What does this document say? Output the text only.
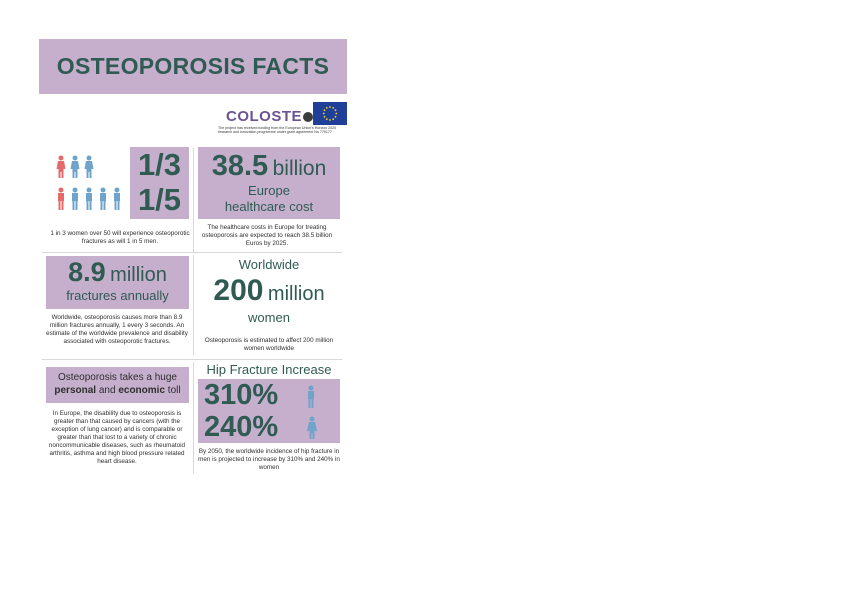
OSTEOPOROSIS FACTS
COLOSTE
The project has received funding from the European Union's Horizon 2020 research and innovation programme under grant agreement No 779177
1/3
1/5
1 in 3 women over 50 will experience osteoporotic fractures as will 1 in 5 men.
38.5 billion
Europe healthcare cost
The healthcare costs in Europe for treating osteoporosis are expected to reach 38.5 billion Euros by 2025.
8.9 million
fractures annually
Worldwide, osteoporosis causes more than 8.9 million fractures annually, 1 every 3 seconds. An estimate of the worldwide prevalence and disability associated with osteoporotic fractures.
Worldwide
200 million
women
Osteoporosis is estimated to affect 200 million women worldwide
Osteoporosis takes a huge
personal and economic toll
In Europe, the disability due to osteoporosis is greater than that caused by cancers (with the exception of lung cancer) and is comparable or greater than that lost to a variety of chronic noncommunicable diseases, such as rheumatoid arthritis, asthma and high blood pressure related heart disease.
Hip Fracture Increase
310%
240%
By 2050, the worldwide incidence of hip fracture in men is projected to increase by 310% and 240% in women
